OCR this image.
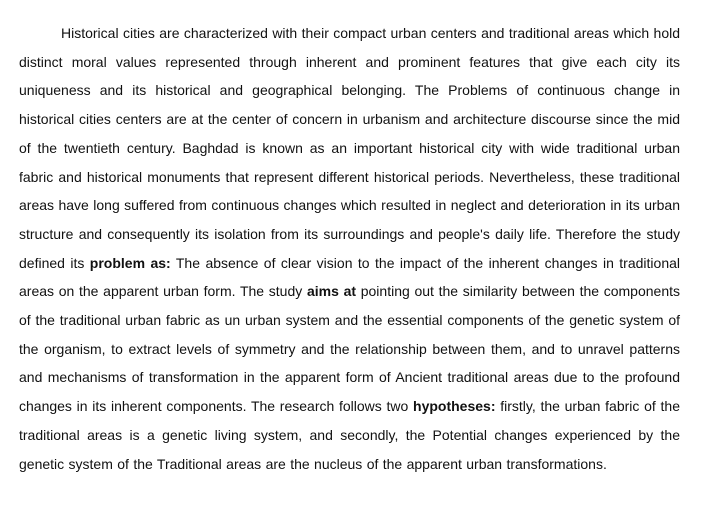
Historical cities are characterized with their compact urban centers and traditional areas which hold distinct moral values represented through inherent and prominent features that give each city its uniqueness and its historical and geographical belonging. The Problems of continuous change in historical cities centers are at the center of concern in urbanism and architecture discourse since the mid of the twentieth century. Baghdad is known as an important historical city with wide traditional urban fabric and historical monuments that represent different historical periods. Nevertheless, these traditional areas have long suffered from continuous changes which resulted in neglect and deterioration in its urban structure and consequently its isolation from its surroundings and people's daily life. Therefore the study defined its problem as: The absence of clear vision to the impact of the inherent changes in traditional areas on the apparent urban form. The study aims at pointing out the similarity between the components of the traditional urban fabric as un urban system and the essential components of the genetic system of the organism, to extract levels of symmetry and the relationship between them, and to unravel patterns and mechanisms of transformation in the apparent form of Ancient traditional areas due to the profound changes in its inherent components. The research follows two hypotheses: firstly, the urban fabric of the traditional areas is a genetic living system, and secondly, the Potential changes experienced by the genetic system of the Traditional areas are the nucleus of the apparent urban transformations.
